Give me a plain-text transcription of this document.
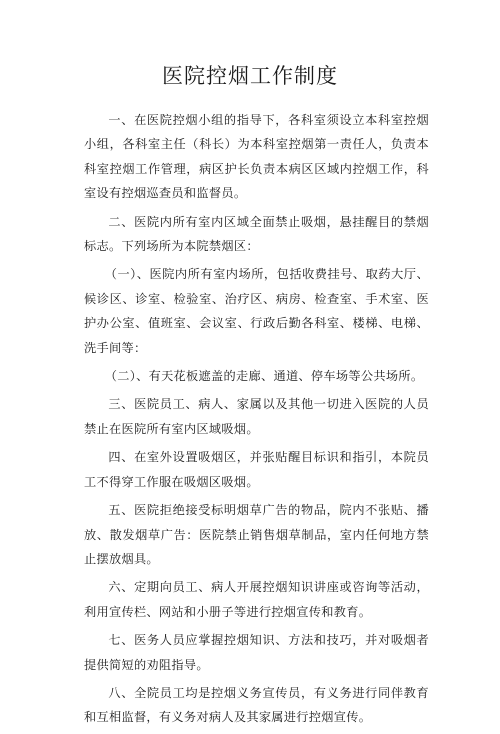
医院控烟工作制度

一、在医院控烟小组的指导下，各科室须设立本科室控烟小组，各科室主任（科长）为本科室控烟第一责任人，负责本科室控烟工作管理，病区护长负责本病区区域内控烟工作，科室设有控烟巡查员和监督员。

二、医院内所有室内区域全面禁止吸烟，悬挂醒目的禁烟标志。下列场所为本院禁烟区：

（一）、医院内所有室内场所，包括收费挂号、取药大厅、候诊区、诊室、检验室、治疗区、病房、检查室、手术室、医护办公室、值班室、会议室、行政后勤各科室、楼梯、电梯、洗手间等：

（二）、有天花板遮盖的走廊、通道、停车场等公共场所。

三、医院员工、病人、家属以及其他一切进入医院的人员禁止在医院所有室内区域吸烟。

四、在室外设置吸烟区，并张贴醒目标识和指引，本院员工不得穿工作服在吸烟区吸烟。

五、医院拒绝接受标明烟草广告的物品，院内不张贴、播放、散发烟草广告：医院禁止销售烟草制品，室内任何地方禁止摆放烟具。

六、定期向员工、病人开展控烟知识讲座或咨询等活动，利用宣传栏、网站和小册子等进行控烟宣传和教育。

七、医务人员应掌握控烟知识、方法和技巧，并对吸烟者提供简短的劝阻指导。

八、全院员工均是控烟义务宣传员，有义务进行同伴教育和互相监督，有义务对病人及其家属进行控烟宣传。
